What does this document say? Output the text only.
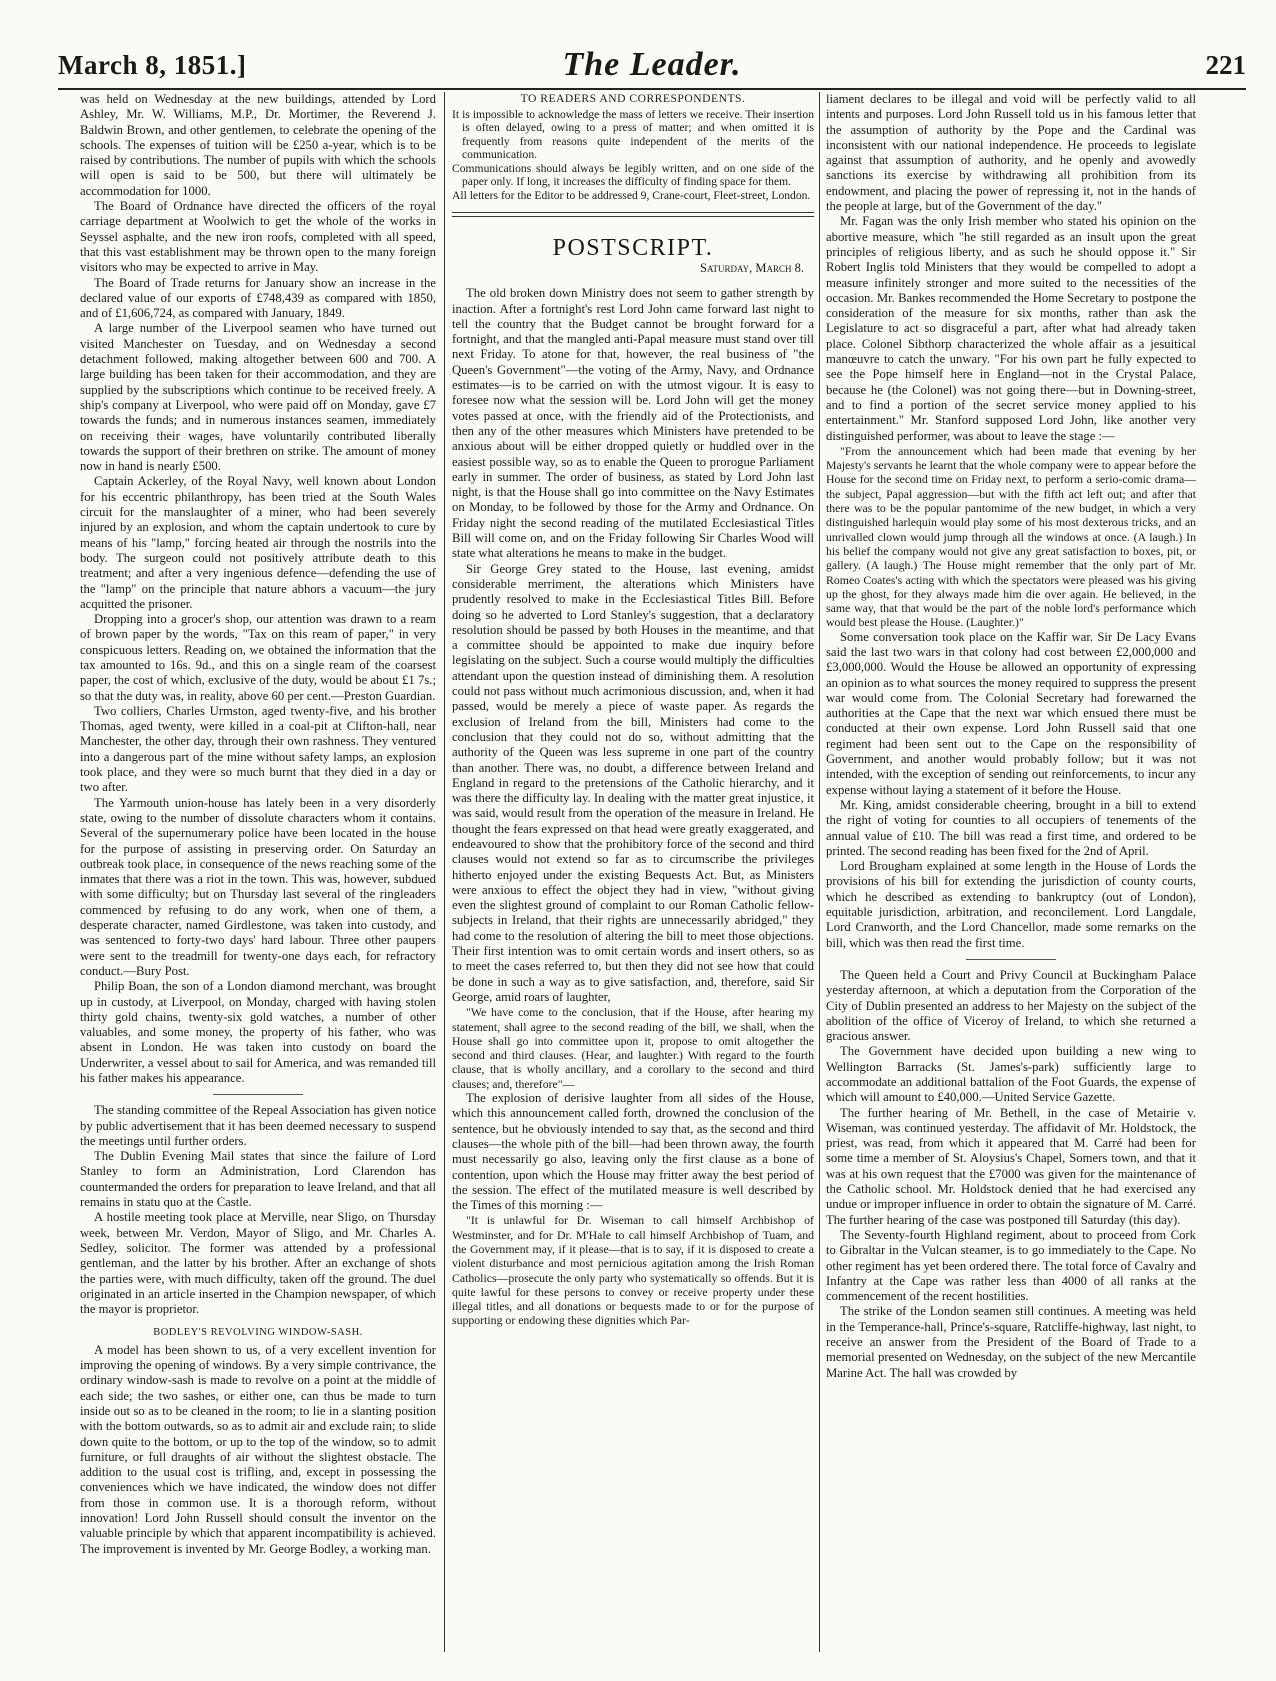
March 8, 1851.]	The Leader.	221

was held on Wednesday at the new buildings, attended by Lord Ashley, Mr. W. Williams, M.P., Dr. Mortimer, the Reverend J. Baldwin Brown, and other gentlemen, to celebrate the opening of the schools. The expenses of tuition will be £250 a-year, which is to be raised by contributions. The number of pupils with which the schools will open is said to be 500, but there will ultimately be accommodation for 1000.

The Board of Ordnance have directed the officers of the royal carriage department at Woolwich to get the whole of the works in Seyssel asphalte, and the new iron roofs, completed with all speed, that this vast establishment may be thrown open to the many foreign visitors who may be expected to arrive in May.

The Board of Trade returns for January show an increase in the declared value of our exports of £748,439 as compared with 1850, and of £1,606,724, as compared with January, 1849.

A large number of the Liverpool seamen who have turned out visited Manchester on Tuesday, and on Wednesday a second detachment followed, making altogether between 600 and 700. A large building has been taken for their accommodation, and they are supplied by the subscriptions which continue to be received freely. A ship's company at Liverpool, who were paid off on Monday, gave £7 towards the funds; and in numerous instances seamen, immediately on receiving their wages, have voluntarily contributed liberally towards the support of their brethren on strike. The amount of money now in hand is nearly £500.

Captain Ackerley, of the Royal Navy, well known about London for his eccentric philanthropy, has been tried at the South Wales circuit for the manslaughter of a miner, who had been severely injured by an explosion, and whom the captain undertook to cure by means of his "lamp," forcing heated air through the nostrils into the body. The surgeon could not positively attribute death to this treatment; and after a very ingenious defence—defending the use of the "lamp" on the principle that nature abhors a vacuum—the jury acquitted the prisoner.

Dropping into a grocer's shop, our attention was drawn to a ream of brown paper by the words, "Tax on this ream of paper," in very conspicuous letters. Reading on, we obtained the information that the tax amounted to 16s. 9d., and this on a single ream of the coarsest paper, the cost of which, exclusive of the duty, would be about £1 7s.; so that the duty was, in reality, above 60 per cent.—Preston Guardian.

Two colliers, Charles Urmston, aged twenty-five, and his brother Thomas, aged twenty, were killed in a coal-pit at Clifton-hall, near Manchester, the other day, through their own rashness. They ventured into a dangerous part of the mine without safety lamps, an explosion took place, and they were so much burnt that they died in a day or two after.

The Yarmouth union-house has lately been in a very disorderly state, owing to the number of dissolute characters whom it contains. Several of the supernumerary police have been located in the house for the purpose of assisting in preserving order. On Saturday an outbreak took place, in consequence of the news reaching some of the inmates that there was a riot in the town. This was, however, subdued with some difficulty; but on Thursday last several of the ringleaders commenced by refusing to do any work, when one of them, a desperate character, named Girdlestone, was taken into custody, and was sentenced to forty-two days' hard labour. Three other paupers were sent to the treadmill for twenty-one days each, for refractory conduct.—Bury Post.

Philip Boan, the son of a London diamond merchant, was brought up in custody, at Liverpool, on Monday, charged with having stolen thirty gold chains, twenty-six gold watches, a number of other valuables, and some money, the property of his father, who was absent in London. He was taken into custody on board the Underwriter, a vessel about to sail for America, and was remanded till his father makes his appearance.

The standing committee of the Repeal Association has given notice by public advertisement that it has been deemed necessary to suspend the meetings until further orders.

The Dublin Evening Mail states that since the failure of Lord Stanley to form an Administration, Lord Clarendon has countermanded the orders for preparation to leave Ireland, and that all remains in statu quo at the Castle.

A hostile meeting took place at Merville, near Sligo, on Thursday week, between Mr. Verdon, Mayor of Sligo, and Mr. Charles A. Sedley, solicitor. The former was attended by a professional gentleman, and the latter by his brother. After an exchange of shots the parties were, with much difficulty, taken off the ground. The duel originated in an article inserted in the Champion newspaper, of which the mayor is proprietor.

BODLEY'S REVOLVING WINDOW-SASH.

A model has been shown to us, of a very excellent invention for improving the opening of windows. By a very simple contrivance, the ordinary window-sash is made to revolve on a point at the middle of each side; the two sashes, or either one, can thus be made to turn inside out so as to be cleaned in the room; to lie in a slanting position with the bottom outwards, so as to admit air and exclude rain; to slide down quite to the bottom, or up to the top of the window, so to admit furniture, or full draughts of air without the slightest obstacle. The addition to the usual cost is trifling, and, except in possessing the conveniences which we have indicated, the window does not differ from those in common use. It is a thorough reform, without innovation! Lord John Russell should consult the inventor on the valuable principle by which that apparent incompatibility is achieved. The improvement is invented by Mr. George Bodley, a working man.

TO READERS AND CORRESPONDENTS.

It is impossible to acknowledge the mass of letters we receive. Their insertion is often delayed, owing to a press of matter; and when omitted it is frequently from reasons quite independent of the merits of the communication.

Communications should always be legibly written, and on one side of the paper only. If long, it increases the difficulty of finding space for them.

All letters for the Editor to be addressed 9, Crane-court, Fleet-street, London.

POSTSCRIPT.

Saturday, March 8.

The old broken down Ministry does not seem to gather strength by inaction. After a fortnight's rest Lord John came forward last night to tell the country that the Budget cannot be brought forward for a fortnight, and that the mangled anti-Papal measure must stand over till next Friday. To atone for that, however, the real business of "the Queen's Government"—the voting of the Army, Navy, and Ordnance estimates—is to be carried on with the utmost vigour. It is easy to foresee now what the session will be. Lord John will get the money votes passed at once, with the friendly aid of the Protectionists, and then any of the other measures which Ministers have pretended to be anxious about will be either dropped quietly or huddled over in the easiest possible way, so as to enable the Queen to prorogue Parliament early in summer. The order of business, as stated by Lord John last night, is that the House shall go into committee on the Navy Estimates on Monday, to be followed by those for the Army and Ordnance. On Friday night the second reading of the mutilated Ecclesiastical Titles Bill will come on, and on the Friday following Sir Charles Wood will state what alterations he means to make in the budget.

Sir George Grey stated to the House, last evening, amidst considerable merriment, the alterations which Ministers have prudently resolved to make in the Ecclesiastical Titles Bill. Before doing so he adverted to Lord Stanley's suggestion, that a declaratory resolution should be passed by both Houses in the meantime, and that a committee should be appointed to make due inquiry before legislating on the subject. Such a course would multiply the difficulties attendant upon the question instead of diminishing them. A resolution could not pass without much acrimonious discussion, and, when it had passed, would be merely a piece of waste paper. As regards the exclusion of Ireland from the bill, Ministers had come to the conclusion that they could not do so, without admitting that the authority of the Queen was less supreme in one part of the country than another. There was, no doubt, a difference between Ireland and England in regard to the pretensions of the Catholic hierarchy, and it was there the difficulty lay. In dealing with the matter great injustice, it was said, would result from the operation of the measure in Ireland. He thought the fears expressed on that head were greatly exaggerated, and endeavoured to show that the prohibitory force of the second and third clauses would not extend so far as to circumscribe the privileges hitherto enjoyed under the existing Bequests Act. But, as Ministers were anxious to effect the object they had in view, "without giving even the slightest ground of complaint to our Roman Catholic fellow-subjects in Ireland, that their rights are unnecessarily abridged," they had come to the resolution of altering the bill to meet those objections. Their first intention was to omit certain words and insert others, so as to meet the cases referred to, but then they did not see how that could be done in such a way as to give satisfaction, and, therefore, said Sir George, amid roars of laughter,

"We have come to the conclusion, that if the House, after hearing my statement, shall agree to the second reading of the bill, we shall, when the House shall go into committee upon it, propose to omit altogether the second and third clauses. (Hear, and laughter.) With regard to the fourth clause, that is wholly ancillary, and a corollary to the second and third clauses; and, therefore"—

The explosion of derisive laughter from all sides of the House, which this announcement called forth, drowned the conclusion of the sentence, but he obviously intended to say that, as the second and third clauses—the whole pith of the bill—had been thrown away, the fourth must necessarily go also, leaving only the first clause as a bone of contention, upon which the House may fritter away the best period of the session. The effect of the mutilated measure is well described by the Times of this morning :—

"It is unlawful for Dr. Wiseman to call himself Archbishop of Westminster, and for Dr. M'Hale to call himself Archbishop of Tuam, and the Government may, if it please—that is to say, if it is disposed to create a violent disturbance and most pernicious agitation among the Irish Roman Catholics—prosecute the only party who systematically so offends. But it is quite lawful for these persons to convey or receive property under these illegal titles, and all donations or bequests made to or for the purpose of supporting or endowing these dignities which Par-

liament declares to be illegal and void will be perfectly valid to all intents and purposes. Lord John Russell told us in his famous letter that the assumption of authority by the Pope and the Cardinal was inconsistent with our national independence. He proceeds to legislate against that assumption of authority, and he openly and avowedly sanctions its exercise by withdrawing all prohibition from its endowment, and placing the power of repressing it, not in the hands of the people at large, but of the Government of the day."

Mr. Fagan was the only Irish member who stated his opinion on the abortive measure, which "he still regarded as an insult upon the great principles of religious liberty, and as such he should oppose it." Sir Robert Inglis told Ministers that they would be compelled to adopt a measure infinitely stronger and more suited to the necessities of the occasion. Mr. Bankes recommended the Home Secretary to postpone the consideration of the measure for six months, rather than ask the Legislature to act so disgraceful a part, after what had already taken place. Colonel Sibthorp characterized the whole affair as a jesuitical manœuvre to catch the unwary. "For his own part he fully expected to see the Pope himself here in England—not in the Crystal Palace, because he (the Colonel) was not going there—but in Downing-street, and to find a portion of the secret service money applied to his entertainment." Mr. Stanford supposed Lord John, like another very distinguished performer, was about to leave the stage :—

"From the announcement which had been made that evening by her Majesty's servants he learnt that the whole company were to appear before the House for the second time on Friday next, to perform a serio-comic drama—the subject, Papal aggression—but with the fifth act left out; and after that there was to be the popular pantomime of the new budget, in which a very distinguished harlequin would play some of his most dexterous tricks, and an unrivalled clown would jump through all the windows at once. (A laugh.) In his belief the company would not give any great satisfaction to boxes, pit, or gallery. (A laugh.) The House might remember that the only part of Mr. Romeo Coates's acting with which the spectators were pleased was his giving up the ghost, for they always made him die over again. He believed, in the same way, that that would be the part of the noble lord's performance which would best please the House. (Laughter.)"

Some conversation took place on the Kaffir war. Sir De Lacy Evans said the last two wars in that colony had cost between £2,000,000 and £3,000,000. Would the House be allowed an opportunity of expressing an opinion as to what sources the money required to suppress the present war would come from. The Colonial Secretary had forewarned the authorities at the Cape that the next war which ensued there must be conducted at their own expense. Lord John Russell said that one regiment had been sent out to the Cape on the responsibility of Government, and another would probably follow; but it was not intended, with the exception of sending out reinforcements, to incur any expense without laying a statement of it before the House.

Mr. King, amidst considerable cheering, brought in a bill to extend the right of voting for counties to all occupiers of tenements of the annual value of £10. The bill was read a first time, and ordered to be printed. The second reading has been fixed for the 2nd of April.

Lord Brougham explained at some length in the House of Lords the provisions of his bill for extending the jurisdiction of county courts, which he described as extending to bankruptcy (out of London), equitable jurisdiction, arbitration, and reconcilement. Lord Langdale, Lord Cranworth, and the Lord Chancellor, made some remarks on the bill, which was then read the first time.

The Queen held a Court and Privy Council at Buckingham Palace yesterday afternoon, at which a deputation from the Corporation of the City of Dublin presented an address to her Majesty on the subject of the abolition of the office of Viceroy of Ireland, to which she returned a gracious answer.

The Government have decided upon building a new wing to Wellington Barracks (St. James's-park) sufficiently large to accommodate an additional battalion of the Foot Guards, the expense of which will amount to £40,000.—United Service Gazette.

The further hearing of Mr. Bethell, in the case of Metairie v. Wiseman, was continued yesterday. The affidavit of Mr. Holdstock, the priest, was read, from which it appeared that M. Carré had been for some time a member of St. Aloysius's Chapel, Somers town, and that it was at his own request that the £7000 was given for the maintenance of the Catholic school. Mr. Holdstock denied that he had exercised any undue or improper influence in order to obtain the signature of M. Carré. The further hearing of the case was postponed till Saturday (this day).

The Seventy-fourth Highland regiment, about to proceed from Cork to Gibraltar in the Vulcan steamer, is to go immediately to the Cape. No other regiment has yet been ordered there. The total force of Cavalry and Infantry at the Cape was rather less than 4000 of all ranks at the commencement of the recent hostilities.

The strike of the London seamen still continues. A meeting was held in the Temperance-hall, Prince's-square, Ratcliffe-highway, last night, to receive an answer from the President of the Board of Trade to a memorial presented on Wednesday, on the subject of the new Mercantile Marine Act. The hall was crowded by
